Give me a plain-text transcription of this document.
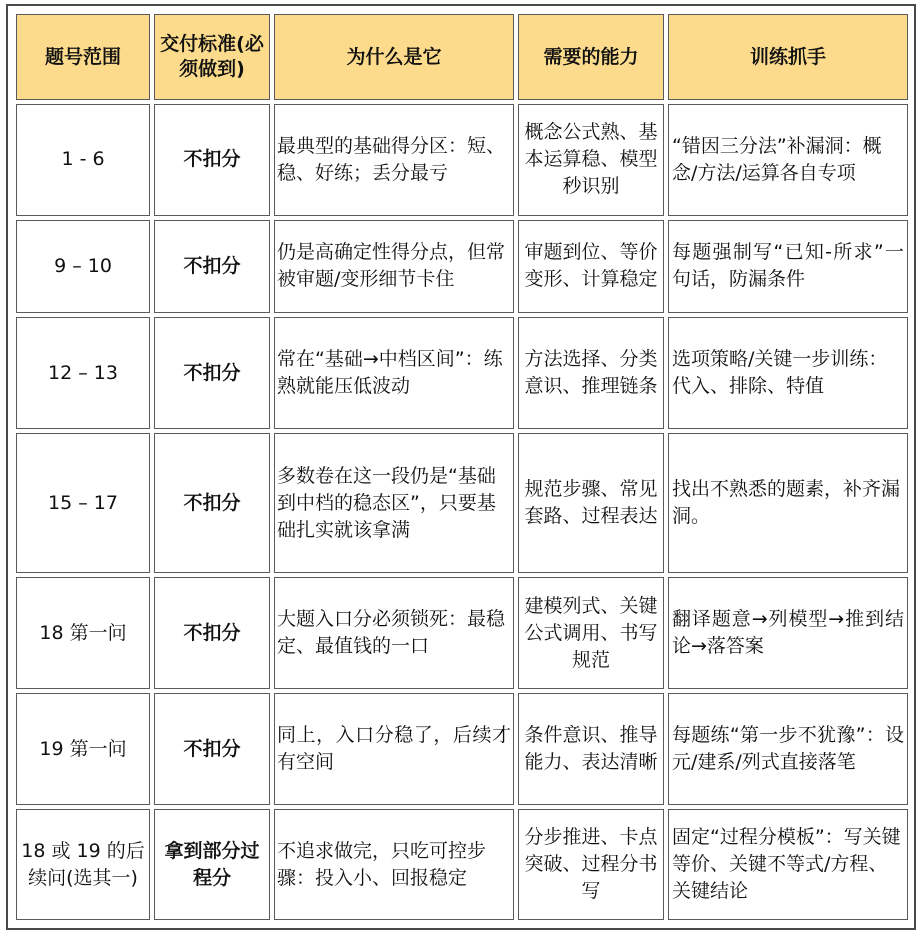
题号范围	交付标准(必须做到)	为什么是它	需要的能力	训练抓手
1 - 6	不扣分	最典型的基础得分区：短、稳、好练；丢分最亏	概念公式熟、基本运算稳、模型秒识别	“错因三分法”补漏洞：概念/方法/运算各自专项
9 – 10	不扣分	仍是高确定性得分点，但常被审题/变形细节卡住	审题到位、等价变形、计算稳定	每题强制写“已知-所求”一句话，防漏条件
12 – 13	不扣分	常在“基础→中档区间”：练熟就能压低波动	方法选择、分类意识、推理链条	选项策略/关键一步训练：代入、排除、特值
15 – 17	不扣分	多数卷在这一段仍是“基础到中档的稳态区”，只要基础扎实就该拿满	规范步骤、常见套路、过程表达	找出不熟悉的题素，补齐漏洞。
18 第一问	不扣分	大题入口分必须锁死：最稳定、最值钱的一口	建模列式、关键公式调用、书写规范	翻译题意→列模型→推到结论→落答案
19 第一问	不扣分	同上，入口分稳了，后续才有空间	条件意识、推导能力、表达清晰	每题练“第一步不犹豫”：设元/建系/列式直接落笔
18 或 19 的后续问(选其一)	拿到部分过程分	不追求做完，只吃可控步骤：投入小、回报稳定	分步推进、卡点突破、过程分书写	固定“过程分模板”：写关键等价、关键不等式/方程、关键结论
